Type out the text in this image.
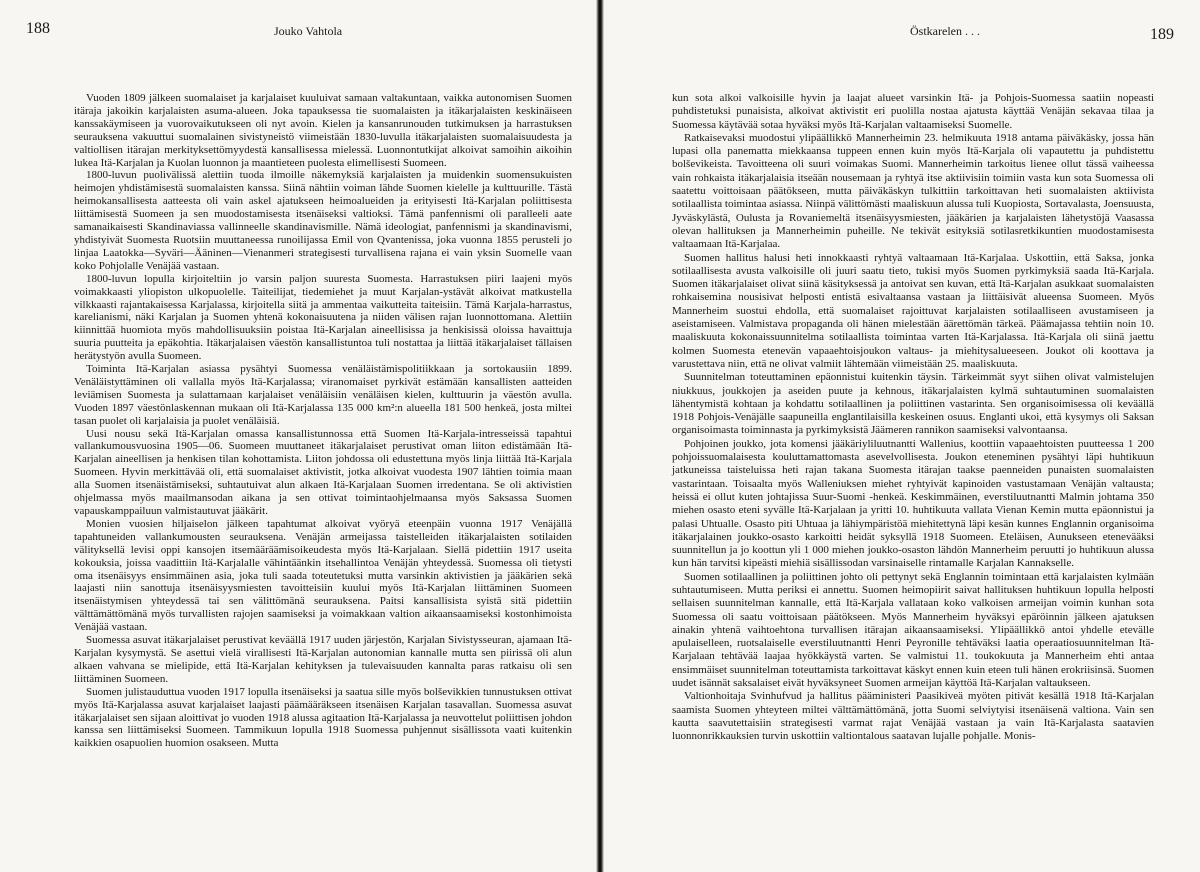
188	Jouko Vahtola

Vuoden 1809 jälkeen suomalaiset ja karjalaiset kuuluivat samaan valtakuntaan, vaikka autonomisen Suomen itäraja jakoikin karjalaisten asuma-alueen. Joka tapauksessa tie suomalaisten ja itäkarjalaisten keskinäiseen kanssakäymiseen ja vuorovaikutukseen oli nyt avoin. Kielen ja kansanrunouden tutkimuksen ja harrastuksen seurauksena vakuuttui suomalainen sivistyneistö viimeistään 1830-luvulla itäkarjalaisten suomalaisuudesta ja valtiollisen itärajan merkityksettömyydestä kansallisessa mielessä. Luonnontutkijat alkoivat samoihin aikoihin lukea Itä-Karjalan ja Kuolan luonnon ja maantieteen puolesta elimellisesti Suomeen.

1800-luvun puolivälissä alettiin tuoda ilmoille näkemyksiä karjalaisten ja muidenkin suomensukuisten heimojen yhdistämisestä suomalaisten kanssa. Siinä nähtiin voiman lähde Suomen kielelle ja kulttuurille. Tästä heimokansallisesta aatteesta oli vain askel ajatukseen heimoalueiden ja erityisesti Itä-Karjalan poliittisesta liittämisestä Suomeen ja sen muodostamisesta itsenäiseksi valtioksi. Tämä panfennismi oli paralleeli aate samanaikaisesti Skandinaviassa vallinneelle skandinavismille. Nämä ideologiat, panfennismi ja skandinavismi, yhdistyivät Suomesta Ruotsiin muuttaneessa runoilijassa Emil von Qvantenissa, joka vuonna 1855 perusteli jo linjaa Laatokka—Syväri—Ääninen—Vienanmeri strategisesti turvallisena rajana ei vain yksin Suomelle vaan koko Pohjolalle Venäjää vastaan.

1800-luvun lopulla kirjoiteltiin jo varsin paljon suuresta Suomesta. Harrastuksen piiri laajeni myös voimakkaasti yliopiston ulkopuolelle. Taiteilijat, tiedemiehet ja muut Karjalan-ystävät alkoivat matkustella vilkkaasti rajantakaisessa Karjalassa, kirjoitella siitä ja ammentaa vaikutteita taiteisiin. Tämä Karjala-harrastus, karelianismi, näki Karjalan ja Suomen yhtenä kokonaisuutena ja niiden välisen rajan luonnottomana. Alettiin kiinnittää huomiota myös mahdollisuuksiin poistaa Itä-Karjalan aineellisissa ja henkisissä oloissa havaittuja suuria puutteita ja epäkohtia. Itäkarjalaisen väestön kansallistuntoa tuli nostattaa ja liittää itäkarjalaiset tällaisen herätystyön avulla Suomeen.

Toiminta Itä-Karjalan asiassa pysähtyi Suomessa venäläistämispolitiikkaan ja sortokausiin 1899. Venäläistyttäminen oli vallalla myös Itä-Karjalassa; viranomaiset pyrkivät estämään kansallisten aatteiden leviämisen Suomesta ja sulattamaan karjalaiset venäläisiin venäläisen kielen, kulttuurin ja väestön avulla. Vuoden 1897 väestönlaskennan mukaan oli Itä-Karjalassa 135 000 km²:n alueella 181 500 henkeä, josta miltei tasan puolet oli karjalaisia ja puolet venäläisiä.

Uusi nousu sekä Itä-Karjalan omassa kansallistunnossa että Suomen Itä-Karjala-intresseissä tapahtui vallankumousvuosina 1905—06. Suomeen muuttaneet itäkarjalaiset perustivat oman liiton edistämään Itä-Karjalan aineellisen ja henkisen tilan kohottamista. Liiton johdossa oli edustettuna myös linja liittää Itä-Karjala Suomeen. Hyvin merkittävää oli, että suomalaiset aktivistit, jotka alkoivat vuodesta 1907 lähtien toimia maan alla Suomen itsenäistämiseksi, suhtautuivat alun alkaen Itä-Karjalaan Suomen irredentana. Se oli aktivistien ohjelmassa myös maailmansodan aikana ja sen ottivat toimintaohjelmaansa myös Saksassa Suomen vapauskamppailuun valmistautuvat jääkärit.

Monien vuosien hiljaiselon jälkeen tapahtumat alkoivat vyöryä eteenpäin vuonna 1917 Venäjällä tapahtuneiden vallankumousten seurauksena. Venäjän armeijassa taistelleiden itäkarjalaisten sotilaiden välityksellä levisi oppi kansojen itsemääräämisoikeudesta myös Itä-Karjalaan. Siellä pidettiin 1917 useita kokouksia, joissa vaadittiin Itä-Karjalalle vähintäänkin itsehallintoa Venäjän yhteydessä. Suomessa oli tietysti oma itsenäisyys ensimmäinen asia, joka tuli saada toteutetuksi mutta varsinkin aktivistien ja jääkärien sekä laajasti niin sanottuja itsenäisyysmiesten tavoitteisiin kuului myös Itä-Karjalan liittäminen Suomeen itsenäistymisen yhteydessä tai sen välittömänä seurauksena. Paitsi kansallisista syistä sitä pidettiin välttämättömänä myös turvallisten rajojen saamiseksi ja voimakkaan valtion aikaansaamiseksi kostonhimoista Venäjää vastaan.

Suomessa asuvat itäkarjalaiset perustivat keväällä 1917 uuden järjestön, Karjalan Sivistysseuran, ajamaan Itä-Karjalan kysymystä. Se asettui vielä virallisesti Itä-Karjalan autonomian kannalle mutta sen piirissä oli alun alkaen vahvana se mielipide, että Itä-Karjalan kehityksen ja tulevaisuuden kannalta paras ratkaisu oli sen liittäminen Suomeen.

Suomen julistauduttua vuoden 1917 lopulla itsenäiseksi ja saatua sille myös bolševikkien tunnustuksen ottivat myös Itä-Karjalassa asuvat karjalaiset laajasti päämääräkseen itsenäisen Karjalan tasavallan. Suomessa asuvat itäkarjalaiset sen sijaan aloittivat jo vuoden 1918 alussa agitaation Itä-Karjalassa ja neuvottelut poliittisen johdon kanssa sen liittämiseksi Suomeen. Tammikuun lopulla 1918 Suomessa puhjennut sisällissota vaati kuitenkin kaikkien osapuolien huomion osakseen. Mutta

Östkarelen . . .	189

kun sota alkoi valkoisille hyvin ja laajat alueet varsinkin Itä- ja Pohjois-Suomessa saatiin nopeasti puhdistetuksi punaisista, alkoivat aktivistit eri puolilla nostaa ajatusta käyttää Venäjän sekavaa tilaa ja Suomessa käytävää sotaa hyväksi myös Itä-Karjalan valtaamiseksi Suomelle.

Ratkaisevaksi muodostui ylipäällikkö Mannerheimin 23. helmikuuta 1918 antama päiväkäsky, jossa hän lupasi olla panematta miekkaansa tuppeen ennen kuin myös Itä-Karjala oli vapautettu ja puhdistettu bolševikeista. Tavoitteena oli suuri voimakas Suomi. Mannerheimin tarkoitus lienee ollut tässä vaiheessa vain rohkaista itäkarjalaisia itseään nousemaan ja ryhtyä itse aktiivisiin toimiin vasta kun sota Suomessa oli saatettu voittoisaan päätökseen, mutta päiväkäskyn tulkittiin tarkoittavan heti suomalaisten aktiivista sotilaallista toimintaa asiassa. Niinpä välittömästi maaliskuun alussa tuli Kuopiosta, Sortavalasta, Joensuusta, Jyväskylästä, Oulusta ja Rovaniemeltä itsenäisyysmiesten, jääkärien ja karjalaisten lähetystöjä Vaasassa olevan hallituksen ja Mannerheimin puheille. Ne tekivät esityksiä sotilasretkikuntien muodostamisesta valtaamaan Itä-Karjalaa.

Suomen hallitus halusi heti innokkaasti ryhtyä valtaamaan Itä-Karjalaa. Uskottiin, että Saksa, jonka sotilaallisesta avusta valkoisille oli juuri saatu tieto, tukisi myös Suomen pyrkimyksiä saada Itä-Karjala. Suomen itäkarjalaiset olivat siinä käsityksessä ja antoivat sen kuvan, että Itä-Karjalan asukkaat suomalaisten rohkaisemina nousisivat helposti entistä esivaltaansa vastaan ja liittäisivät alueensa Suomeen. Myös Mannerheim suostui ehdolla, että suomalaiset rajoittuvat karjalaisten sotilaalliseen avustamiseen ja aseistamiseen. Valmistava propaganda oli hänen mielestään äärettömän tärkeä. Päämajassa tehtiin noin 10. maaliskuuta kokonaissuunnitelma sotilaallista toimintaa varten Itä-Karjalassa. Itä-Karjala oli siinä jaettu kolmen Suomesta etenevän vapaaehtoisjoukon valtaus- ja miehitysalueeseen. Joukot oli koottava ja varustettava niin, että ne olivat valmiit lähtemään viimeistään 25. maaliskuuta.

Suunnitelman toteuttaminen epäonnistui kuitenkin täysin. Tärkeimmät syyt siihen olivat valmistelujen niukkuus, joukkojen ja aseiden puute ja kehnous, itäkarjalaisten kylmä suhtautuminen suomalaisten lähentymistä kohtaan ja kohdattu sotilaallinen ja poliittinen vastarinta. Sen organisoimisessa oli keväällä 1918 Pohjois-Venäjälle saapuneilla englantilaisilla keskeinen osuus. Englanti ukoi, että kysymys oli Saksan organisoimasta toiminnasta ja pyrkimyksistä Jäämeren rannikon saamiseksi valvontaansa.

Pohjoinen joukko, jota komensi jääkäriyliluutnantti Wallenius, koottiin vapaaehtoisten puutteessa 1 200 pohjoissuomalaisesta kouluttamattomasta asevelvollisesta. Joukon eteneminen pysähtyi läpi huhtikuun jatkuneissa taisteluissa heti rajan takana Suomesta itärajan taakse paenneiden punaisten suomalaisten vastarintaan. Toisaalta myös Walleniuksen miehet ryhtyivät kapinoiden vastustamaan Venäjän valtausta; heissä ei ollut kuten johtajissa Suur-Suomi -henkeä. Keskimmäinen, everstiluutnantti Malmin johtama 350 miehen osasto eteni syvälle Itä-Karjalaan ja yritti 10. huhtikuuta vallata Vienan Kemin mutta epäonnistui ja palasi Uhtualle. Osasto piti Uhtuaa ja lähiympäristöä miehitettynä läpi kesän kunnes Englannin organisoima itäkarjalainen joukko-osasto karkoitti heidät syksyllä 1918 Suomeen. Eteläisen, Aunukseen etenevääksi suunnitellun ja jo koottun yli 1 000 miehen joukko-osaston lähdön Mannerheim peruutti jo huhtikuun alussa kun hän tarvitsi kipeästi miehiä sisällissodan varsinaiselle rintamalle Karjalan Kannakselle.

Suomen sotilaallinen ja poliittinen johto oli pettynyt sekä Englannin toimintaan että karjalaisten kylmään suhtautumiseen. Mutta periksi ei annettu. Suomen heimopiirit saivat hallituksen huhtikuun lopulla helposti sellaisen suunnitelman kannalle, että Itä-Karjala vallataan koko valkoisen armeijan voimin kunhan sota Suomessa oli saatu voittoisaan päätökseen. Myös Mannerheim hyväksyi epäröinnin jälkeen ajatuksen ainakin yhtenä vaihtoehtona turvallisen itärajan aikaansaamiseksi. Ylipäällikkö antoi yhdelle etevälle apulaiselleen, ruotsalaiselle everstiluutnantti Henri Peyronille tehtäväksi laatia operaatiosuunnitelman Itä-Karjalaan tehtävää laajaa hyökkäystä varten. Se valmistui 11. toukokuuta ja Mannerheim ehti antaa ensimmäiset suunnitelman toteuttamista tarkoittavat käskyt ennen kuin eteen tuli hänen erokriisinsä. Suomen uudet isännät saksalaiset eivät hyväksyneet Suomen armeijan käyttöä Itä-Karjalan valtaukseen.

Valtionhoitaja Svinhufvud ja hallitus pääministeri Paasikiveä myöten pitivät kesällä 1918 Itä-Karjalan saamista Suomen yhteyteen miltei välttämättömänä, jotta Suomi selviytyisi itsenäisenä valtiona. Vain sen kautta saavutettaisiin strategisesti varmat rajat Venäjää vastaan ja vain Itä-Karjalasta saatavien luonnonrikkauksien turvin uskottiin valtiontalous saatavan lujalle pohjalle. Monis-
